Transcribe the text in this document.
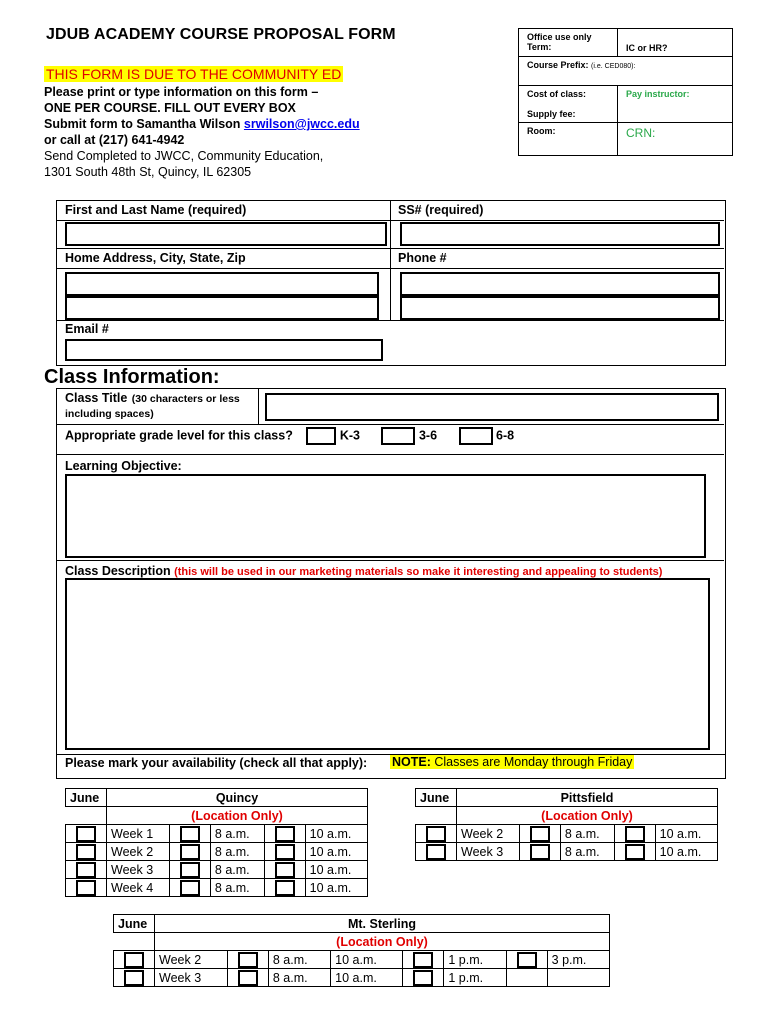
JDUB ACADEMY COURSE PROPOSAL FORM
THIS FORM IS DUE TO THE COMMUNITY ED
Please print or type information on this form –
ONE PER COURSE. FILL OUT EVERY BOX
Submit form to Samantha Wilson srwilson@jwcc.edu
or call at (217) 641-4942
Send Completed to JWCC, Community Education,
1301 South 48th St, Quincy, IL 62305
Office use only
Term:	IC or HR?
Course Prefix: (i.e. CED080):	
Cost of class:

Supply fee:	Pay instructor:
Room:	CRN:
First and Last Name (required)	SS# (required)
Home Address, City, State, Zip	Phone #
Email #
Class Information:
Class Title (30 characters or less
including spaces)
Appropriate grade level for this class?	K-3	3-6	6-8
Learning Objective:
Class Description (this will be used in our marketing materials so make it interesting and appealing to students)
Please mark your availability (check all that apply): NOTE: Classes are Monday through Friday
June	Quincy				
	(Location Only)				
	Week 1		8 a.m.		10 a.m.
	Week 2		8 a.m.		10 a.m.
	Week 3		8 a.m.		10 a.m.
	Week 4		8 a.m.		10 a.m.
June	Pittsfield				
	(Location Only)				
	Week 2		8 a.m.		10 a.m.
	Week 3		8 a.m.		10 a.m.
June	Mt. Sterling							
	(Location Only)							
	Week 2		8 a.m.	10 a.m.		1 p.m.		3 p.m.
	Week 3		8 a.m.	10 a.m.		1 p.m.		
